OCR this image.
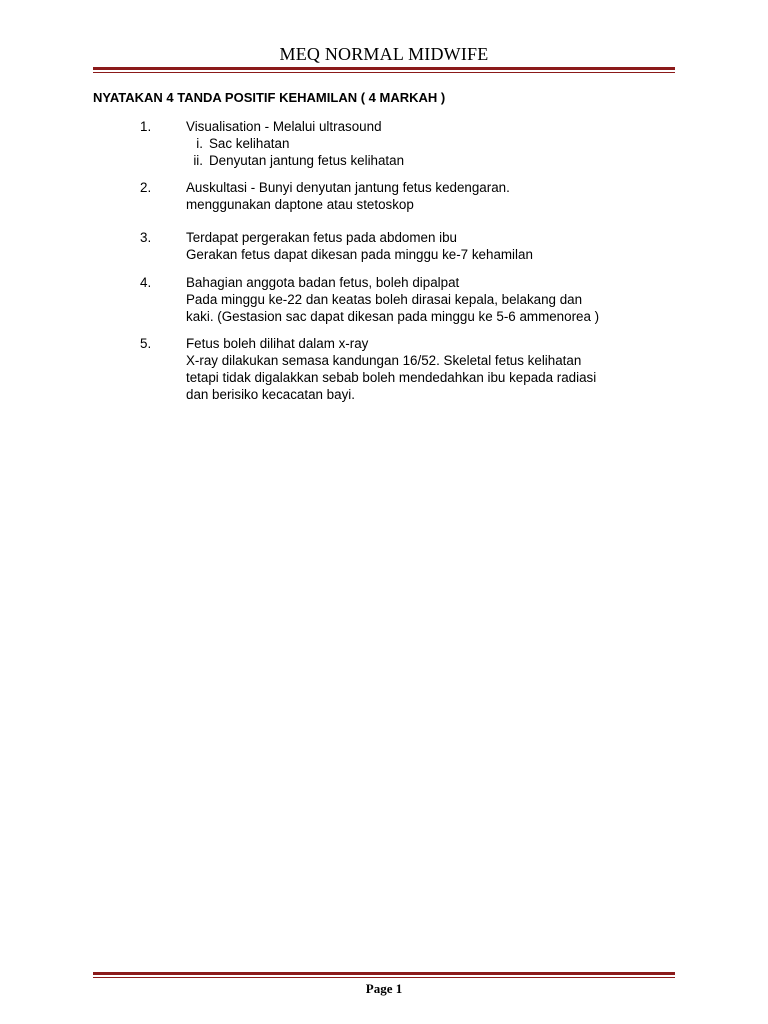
MEQ NORMAL MIDWIFE
NYATAKAN 4 TANDA POSITIF KEHAMILAN ( 4 MARKAH )
1.	Visualisation - Melalui ultrasound
i. Sac kelihatan
ii. Denyutan jantung fetus kelihatan
2.	Auskultasi - Bunyi denyutan jantung fetus kedengaran.
menggunakan daptone atau stetoskop
3.	Terdapat pergerakan fetus pada abdomen ibu
Gerakan fetus dapat dikesan pada minggu ke-7 kehamilan
4.	Bahagian anggota badan fetus, boleh dipalpat
Pada minggu ke-22 dan keatas boleh dirasai kepala, belakang dan
kaki. (Gestasion sac dapat dikesan pada minggu ke 5-6 ammenorea )
5.	Fetus boleh dilihat dalam x-ray
X-ray dilakukan semasa kandungan 16/52. Skeletal fetus kelihatan
tetapi tidak digalakkan sebab boleh mendedahkan ibu kepada radiasi
dan berisiko kecacatan bayi.
Page 1
